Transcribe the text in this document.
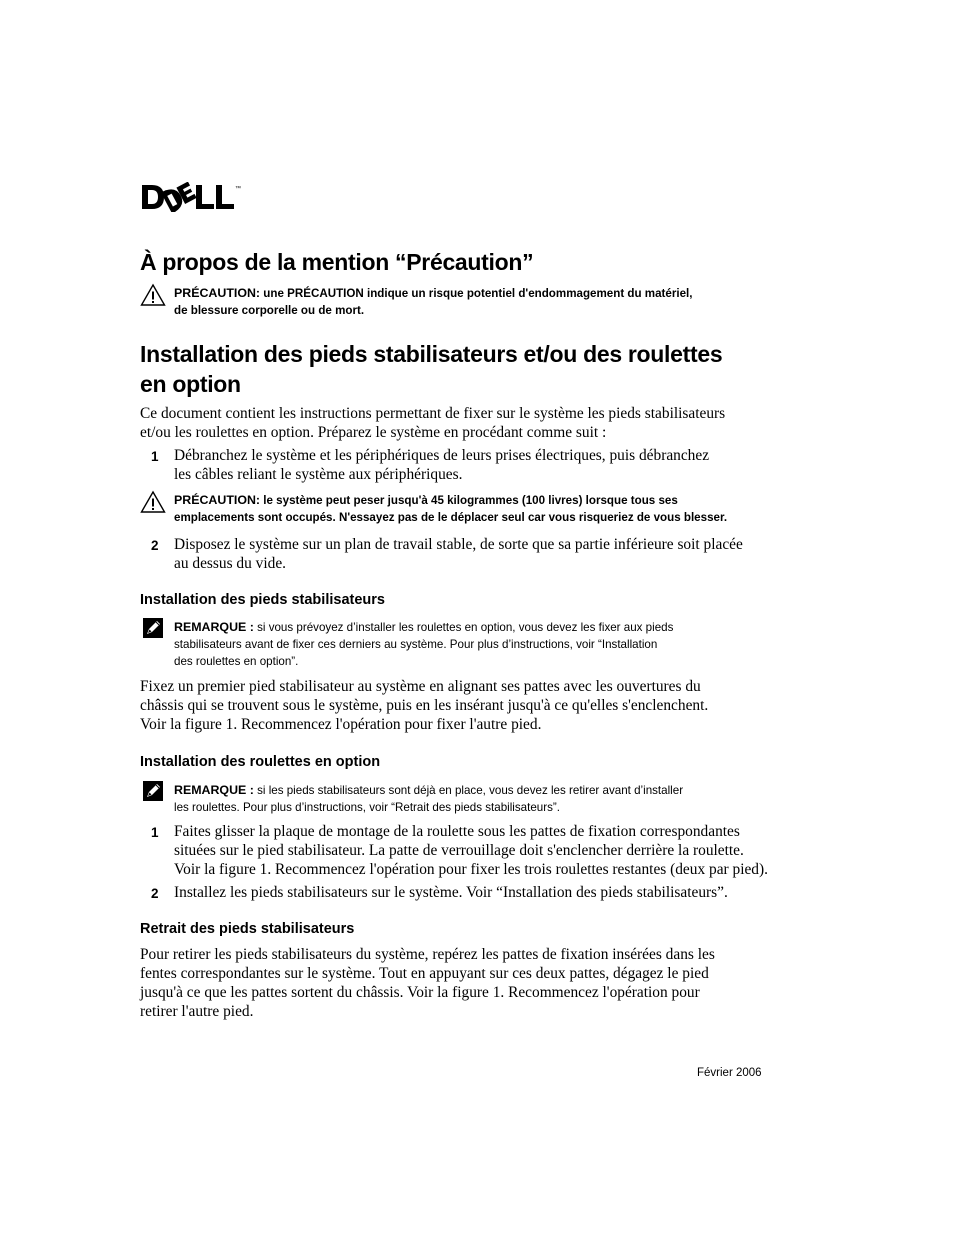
™
À propos de la mention “Précaution”
PRÉCAUTION: une PRÉCAUTION indique un risque potentiel d'endommagement du matériel,
de blessure corporelle ou de mort.
Installation des pieds stabilisateurs et/ou des roulettes
en option
Ce document contient les instructions permettant de fixer sur le système les pieds stabilisateurs
et/ou les roulettes en option. Préparez le système en procédant comme suit :
1 Débranchez le système et les périphériques de leurs prises électriques, puis débranchez
les câbles reliant le système aux périphériques.
PRÉCAUTION: le système peut peser jusqu'à 45 kilogrammes (100 livres) lorsque tous ses
emplacements sont occupés. N'essayez pas de le déplacer seul car vous risqueriez de vous blesser.
2 Disposez le système sur un plan de travail stable, de sorte que sa partie inférieure soit placée
au dessus du vide.
Installation des pieds stabilisateurs
REMARQUE : si vous prévoyez d’installer les roulettes en option, vous devez les fixer aux pieds
stabilisateurs avant de fixer ces derniers au système. Pour plus d’instructions, voir “Installation
des roulettes en option”.
Fixez un premier pied stabilisateur au système en alignant ses pattes avec les ouvertures du
châssis qui se trouvent sous le système, puis en les insérant jusqu'à ce qu'elles s'enclenchent.
Voir la figure 1. Recommencez l'opération pour fixer l'autre pied.
Installation des roulettes en option
REMARQUE : si les pieds stabilisateurs sont déjà en place, vous devez les retirer avant d’installer
les roulettes. Pour plus d’instructions, voir “Retrait des pieds stabilisateurs”.
1 Faites glisser la plaque de montage de la roulette sous les pattes de fixation correspondantes
situées sur le pied stabilisateur. La patte de verrouillage doit s'enclencher derrière la roulette.
Voir la figure 1. Recommencez l'opération pour fixer les trois roulettes restantes (deux par pied).
2 Installez les pieds stabilisateurs sur le système. Voir “Installation des pieds stabilisateurs”.
Retrait des pieds stabilisateurs
Pour retirer les pieds stabilisateurs du système, repérez les pattes de fixation insérées dans les
fentes correspondantes sur le système. Tout en appuyant sur ces deux pattes, dégagez le pied
jusqu'à ce que les pattes sortent du châssis. Voir la figure 1. Recommencez l'opération pour
retirer l'autre pied.
Février 2006
